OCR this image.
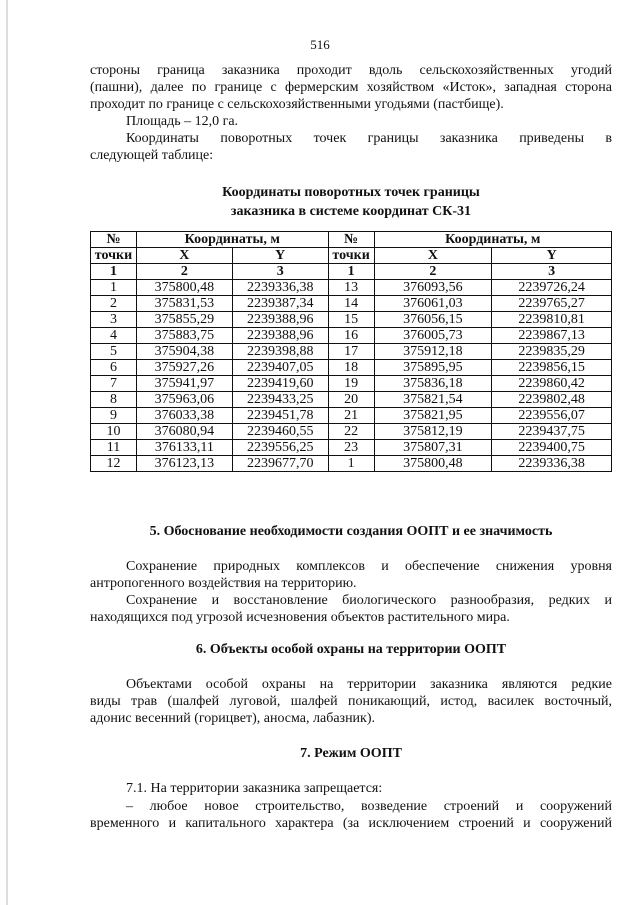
516
стороны граница заказника проходит вдоль сельскохозяйственных угодий
(пашни), далее по границе с фермерским хозяйством «Исток», западная сторона
проходит по границе с сельскохозяйственными угодьями (пастбище).
Площадь – 12,0 га.
Координаты поворотных точек границы заказника приведены в
следующей таблице:
Координаты поворотных точек границы
заказника в системе координат СК-31
№	Координаты, м		№	Координаты, м	
точки	X	Y	точки	X	Y
1	2	3	1	2	3
1	375800,48	2239336,38	13	376093,56	2239726,24
2	375831,53	2239387,34	14	376061,03	2239765,27
3	375855,29	2239388,96	15	376056,15	2239810,81
4	375883,75	2239388,96	16	376005,73	2239867,13
5	375904,38	2239398,88	17	375912,18	2239835,29
6	375927,26	2239407,05	18	375895,95	2239856,15
7	375941,97	2239419,60	19	375836,18	2239860,42
8	375963,06	2239433,25	20	375821,54	2239802,48
9	376033,38	2239451,78	21	375821,95	2239556,07
10	376080,94	2239460,55	22	375812,19	2239437,75
11	376133,11	2239556,25	23	375807,31	2239400,75
12	376123,13	2239677,70	1	375800,48	2239336,38
5. Обоснование необходимости создания ООПТ и ее значимость
Сохранение природных комплексов и обеспечение снижения уровня
антропогенного воздействия на территорию.
Сохранение и восстановление биологического разнообразия, редких и
находящихся под угрозой исчезновения объектов растительного мира.
6. Объекты особой охраны на территории ООПТ
Объектами особой охраны на территории заказника являются редкие
виды трав (шалфей луговой, шалфей поникающий, истод, василек восточный,
адонис весенний (горицвет), аносма, лабазник).
7. Режим ООПТ
7.1. На территории заказника запрещается:
– любое новое строительство, возведение строений и сооружений
временного и капитального характера (за исключением строений и сооружений
